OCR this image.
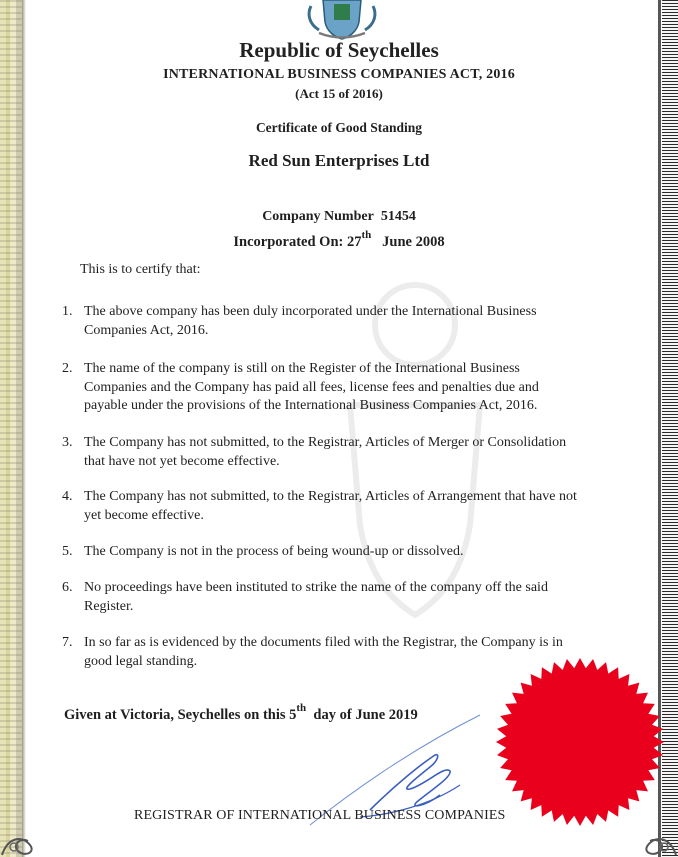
Republic of Seychelles
INTERNATIONAL BUSINESS COMPANIES ACT, 2016
(Act 15 of 2016)
Certificate of Good Standing
Red Sun Enterprises Ltd
Company Number 51454
Incorporated On: 27th June 2008
This is to certify that:
1. The above company has been duly incorporated under the International Business Companies Act, 2016.
2. The name of the company is still on the Register of the International Business Companies and the Company has paid all fees, license fees and penalties due and payable under the provisions of the International Business Companies Act, 2016.
3. The Company has not submitted, to the Registrar, Articles of Merger or Consolidation that have not yet become effective.
4. The Company has not submitted, to the Registrar, Articles of Arrangement that have not yet become effective.
5. The Company is not in the process of being wound-up or dissolved.
6. No proceedings have been instituted to strike the name of the company off the said Register.
7. In so far as is evidenced by the documents filed with the Registrar, the Company is in good legal standing.
Given at Victoria, Seychelles on this 5th day of June 2019
REGISTRAR OF INTERNATIONAL BUSINESS COMPANIES
